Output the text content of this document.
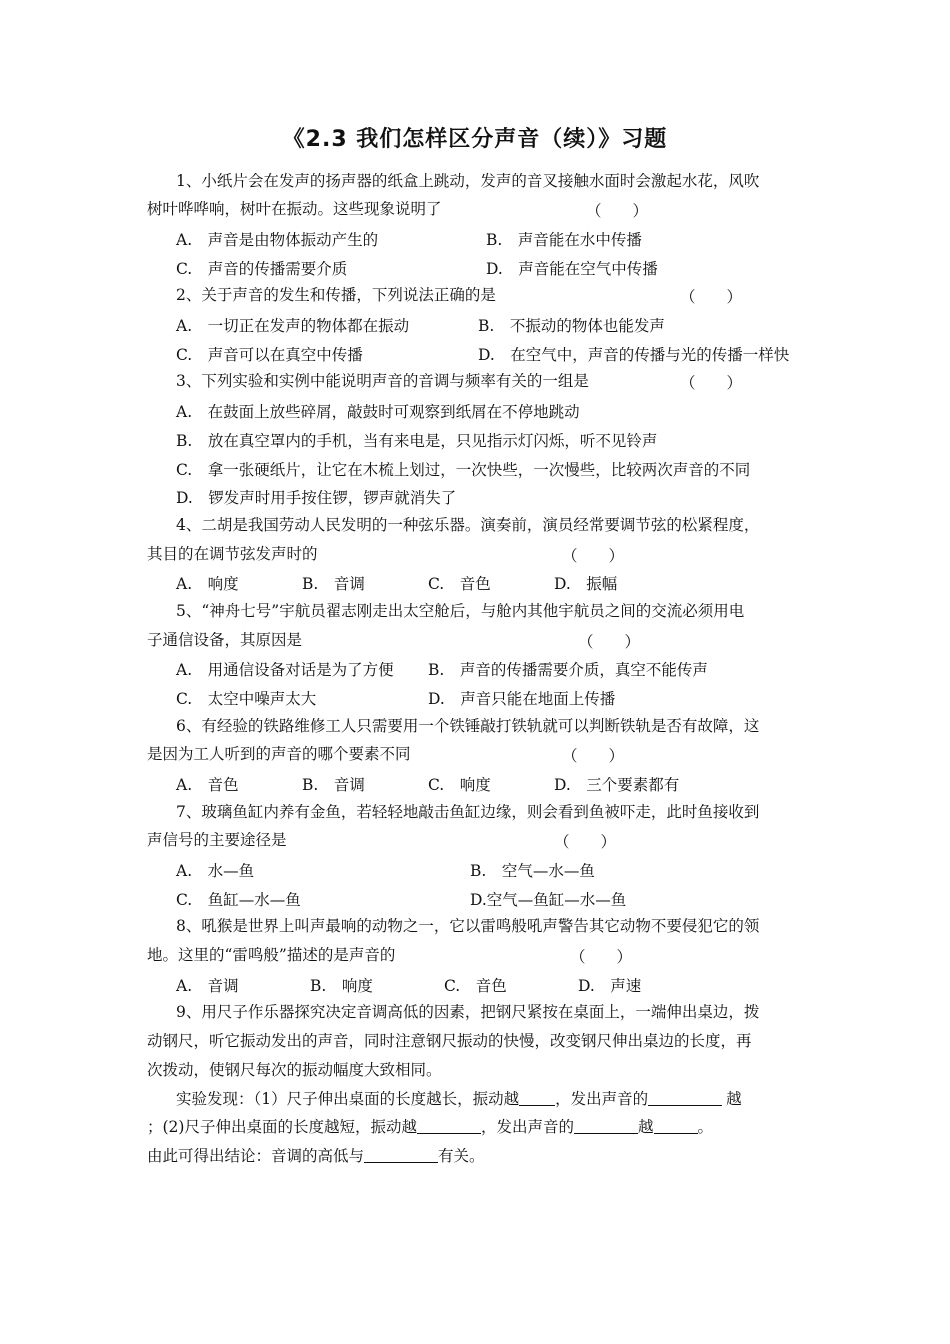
《2.3 我们怎样区分声音（续）》习题
1、小纸片会在发声的扬声器的纸盒上跳动，发声的音叉接触水面时会激起水花，风吹
树叶哗哗响，树叶在振动。这些现象说明了	（　　）
A.　声音是由物体振动产生的	B.　声音能在水中传播
C.　声音的传播需要介质	D.　声音能在空气中传播
2、关于声音的发生和传播，下列说法正确的是	（　　）
A.　一切正在发声的物体都在振动	B.　不振动的物体也能发声
C.　声音可以在真空中传播	D.　在空气中，声音的传播与光的传播一样快
3、下列实验和实例中能说明声音的音调与频率有关的一组是	（　　）
A.　在鼓面上放些碎屑，敲鼓时可观察到纸屑在不停地跳动
B.　放在真空罩内的手机，当有来电是，只见指示灯闪烁，听不见铃声
C.　拿一张硬纸片，让它在木梳上划过，一次快些，一次慢些，比较两次声音的不同
D.　锣发声时用手按住锣，锣声就消失了
4、二胡是我国劳动人民发明的一种弦乐器。演奏前，演员经常要调节弦的松紧程度，
其目的在调节弦发声时的	（　　）
A.　响度	B.　音调	C.　音色	D.　振幅
5、“神舟七号”宇航员翟志刚走出太空舱后，与舱内其他宇航员之间的交流必须用电
子通信设备，其原因是	（　　）
A.　用通信设备对话是为了方便 B.　声音的传播需要介质，真空不能传声
C.　太空中噪声太大	D.　声音只能在地面上传播
6、有经验的铁路维修工人只需要用一个铁锤敲打铁轨就可以判断铁轨是否有故障，这
是因为工人听到的声音的哪个要素不同	（　　）
A.　音色	B.　音调	C.　响度	D.　三个要素都有
7、玻璃鱼缸内养有金鱼，若轻轻地敲击鱼缸边缘，则会看到鱼被吓走，此时鱼接收到
声信号的主要途径是	（　　）
A.　水—鱼	B.　空气—水—鱼
C.　鱼缸—水—鱼	D.空气—鱼缸—水—鱼
8、吼猴是世界上叫声最响的动物之一，它以雷鸣般吼声警告其它动物不要侵犯它的领
地。这里的“雷鸣般”描述的是声音的	（　　）
A.　音调	B.　响度	C.　音色	D.　声速
9、用尺子作乐器探究决定音调高低的因素，把钢尺紧按在桌面上，一端伸出桌边，拨
动钢尺，听它振动发出的声音，同时注意钢尺振动的快慢，改变钢尺伸出桌边的长度，再
次拨动，使钢尺每次的振动幅度大致相同。
实验发现：（1）尺子伸出桌面的长度越长，振动越 ，发出声音的	越
；(2)尺子伸出桌面的长度越短，振动越	，发出声音的	越	。
由此可得出结论：音调的高低与	有关。
